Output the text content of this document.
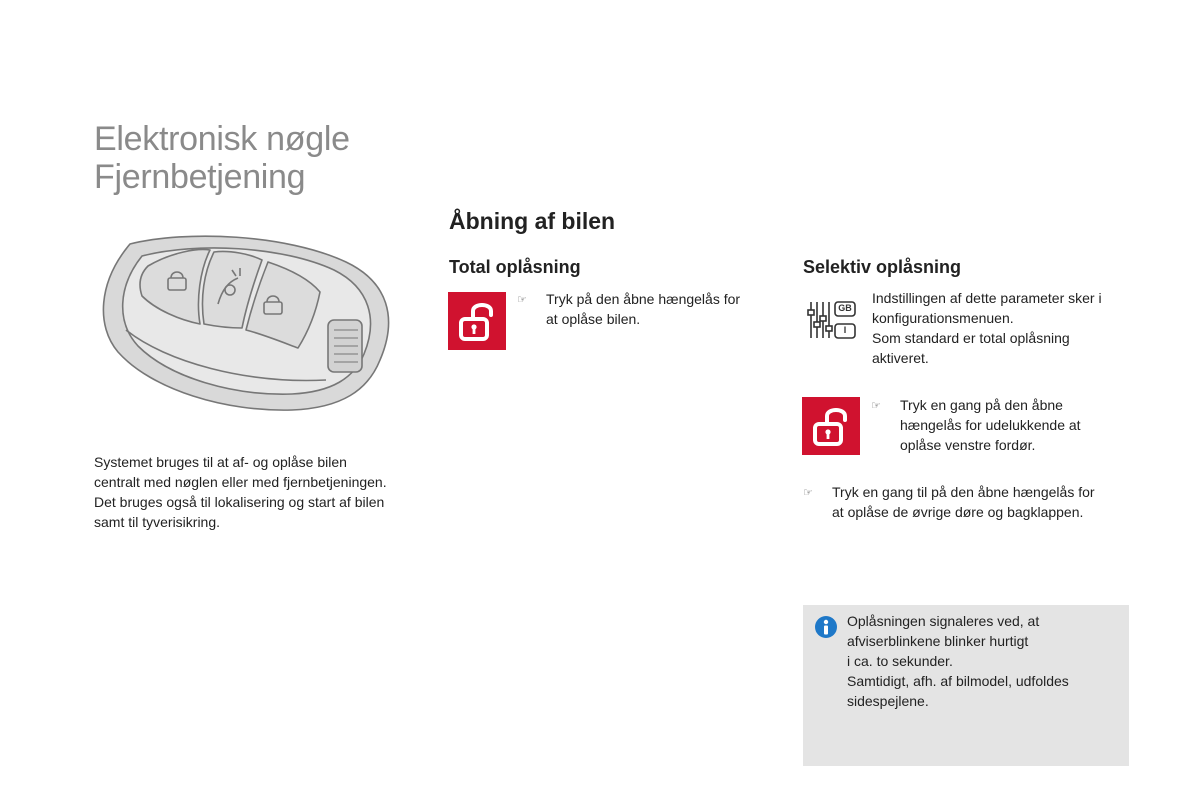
Elektronisk nøgle
Fjernbetjening
Systemet bruges til at af- og oplåse bilen
centralt med nøglen eller med fjernbetjeningen.
Det bruges også til lokalisering og start af bilen
samt til tyverisikring.
Åbning af bilen
Total oplåsning
☞ Tryk på den åbne hængelås for
at oplåse bilen.
Selektiv oplåsning
GB
I
Indstillingen af dette parameter sker i
konfigurationsmenuen.
Som standard er total oplåsning
aktiveret.
☞ Tryk en gang på den åbne
hængelås for udelukkende at
oplåse venstre fordør.
☞ Tryk en gang til på den åbne hængelås for
at oplåse de øvrige døre og bagklappen.
Oplåsningen signaleres ved, at
afviserblinkene blinker hurtigt
i ca. to sekunder.
Samtidigt, afh. af bilmodel, udfoldes
sidespejlene.
